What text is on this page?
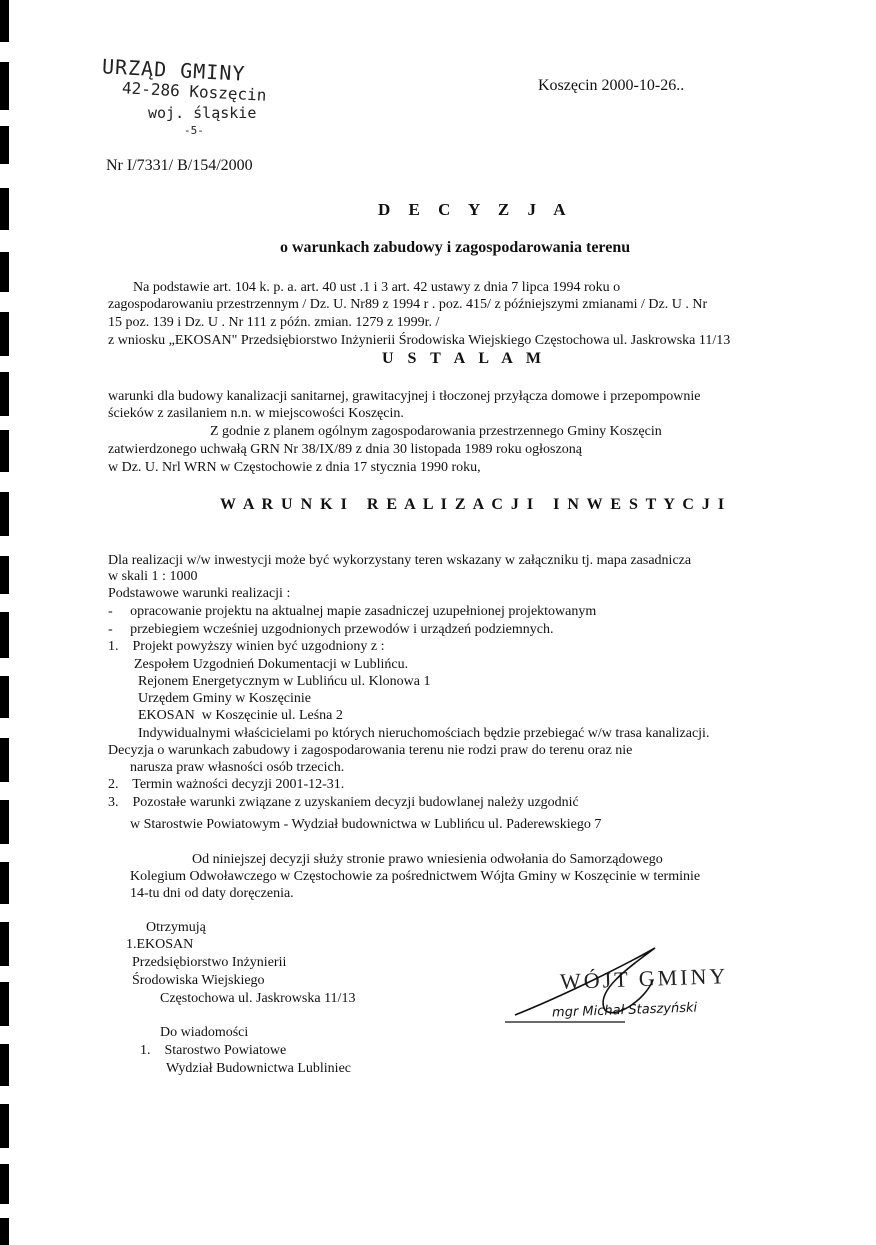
URZĄD GMINY
42-286 Koszęcin
woj. śląskie
-5-
Koszęcin 2000-10-26..
Nr I/7331/ B/154/2000
D E C Y Z J A
o warunkach zabudowy i zagospodarowania terenu
Na podstawie art. 104 k. p. a. art. 40 ust .1 i 3 art. 42 ustawy z dnia 7 lipca 1994 roku o
zagospodarowaniu przestrzennym / Dz. U. Nr89 z 1994 r . poz. 415/ z późniejszymi zmianami / Dz. U . Nr
15 poz. 139 i Dz. U . Nr 111 z późn. zmian. 1279 z 1999r. /
z wniosku „EKOSAN" Przedsiębiorstwo Inżynierii Środowiska Wiejskiego Częstochowa ul. Jaskrowska 11/13
U S T A L A M
warunki dla budowy kanalizacji sanitarnej, grawitacyjnej i tłoczonej przyłącza domowe i przepompownie
ścieków z zasilaniem n.n. w miejscowości Koszęcin.
Z godnie z planem ogólnym zagospodarowania przestrzennego Gminy Koszęcin
zatwierdzonego uchwałą GRN Nr 38/IX/89 z dnia 30 listopada 1989 roku ogłoszoną
w Dz. U. Nrl WRN w Częstochowie z dnia 17 stycznia 1990 roku,
W A R U N K I   R E A L I Z A C J I   I N W E S T Y C J I
Dla realizacji w/w inwestycji może być wykorzystany teren wskazany w załączniku tj. mapa zasadnicza
w skali 1 : 1000
Podstawowe warunki realizacji :
-     opracowanie projektu na aktualnej mapie zasadniczej uzupełnionej projektowanym
-     przebiegiem wcześniej uzgodnionych przewodów i urządzeń podziemnych.
1.    Projekt powyższy winien być uzgodniony z :
Zespołem Uzgodnień Dokumentacji w Lublińcu.
Rejonem Energetycznym w Lublińcu ul. Klonowa 1
Urzędem Gminy w Koszęcinie
EKOSAN  w Koszęcinie ul. Leśna 2
Indywidualnymi właścicielami po których nieruchomościach będzie przebiegać w/w trasa kanalizacji.
Decyzja o warunkach zabudowy i zagospodarowania terenu nie rodzi praw do terenu oraz nie
narusza praw własności osób trzecich.
2.    Termin ważności decyzji 2001-12-31.
3.    Pozostałe warunki związane z uzyskaniem decyzji budowlanej należy uzgodnić
w Starostwie Powiatowym - Wydział budownictwa w Lublińcu ul. Paderewskiego 7
Od niniejszej decyzji służy stronie prawo wniesienia odwołania do Samorządowego
Kolegium Odwoławczego w Częstochowie za pośrednictwem Wójta Gminy w Koszęcinie w terminie
14-tu dni od daty doręczenia.
Otrzymują
1.EKOSAN
Przedsiębiorstwo Inżynierii
Środowiska Wiejskiego
Częstochowa ul. Jaskrowska 11/13
Do wiadomości
1.    Starostwo Powiatowe
Wydział Budownictwa Lubliniec
WÓJT GMINY
mgr Michał Staszyński
